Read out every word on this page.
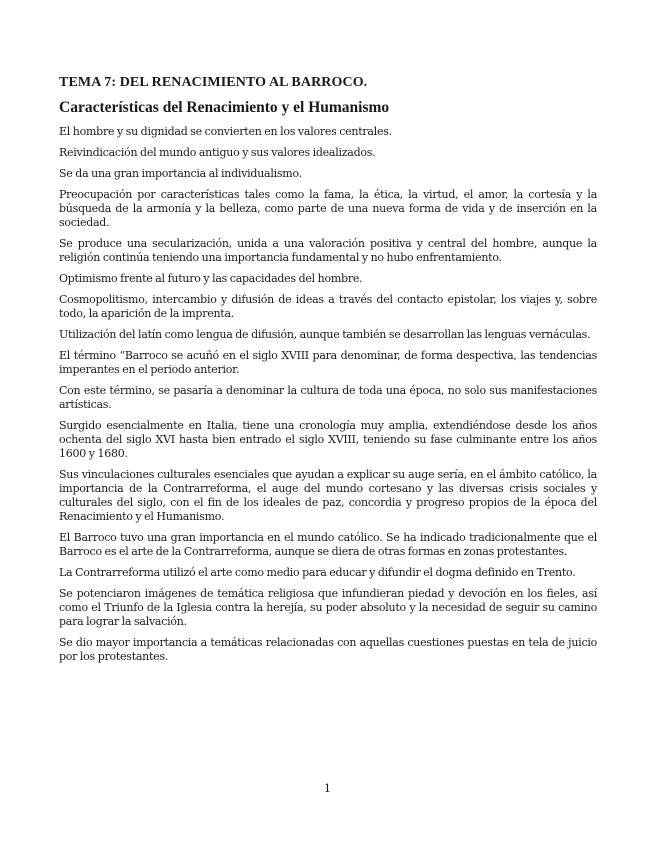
TEMA 7: DEL RENACIMIENTO AL BARROCO.
Características del Renacimiento y el Humanismo

El hombre y su dignidad se convierten en los valores centrales.

Reivindicación del mundo antiguo y sus valores idealizados.

Se da una gran importancia al individualismo.

Preocupación por características tales como la fama, la ética, la virtud, el amor, la cortesía y la búsqueda de la armonía y la belleza, como parte de una nueva forma de vida y de inserción en la sociedad.

Se produce una secularización, unida a una valoración positiva y central del hombre, aunque la religión continúa teniendo una importancia fundamental y no hubo enfrentamiento.

Optimismo frente al futuro y las capacidades del hombre.

Cosmopolitismo, intercambio y difusión de ideas a través del contacto epistolar, los viajes y, sobre todo, la aparición de la imprenta.

Utilización del latín como lengua de difusión, aunque también se desarrollan las lenguas vernáculas.

El término “Barroco se acuñó en el siglo XVIII para denominar, de forma despectiva, las tendencias imperantes en el periodo anterior.

Con este término, se pasaría a denominar la cultura de toda una época, no solo sus manifestaciones artísticas.

Surgido esencialmente en Italia, tiene una cronología muy amplia, extendiéndose desde los años ochenta del siglo XVI hasta bien entrado el siglo XVIII, teniendo su fase culminante entre los años 1600 y 1680.

Sus vinculaciones culturales esenciales que ayudan a explicar su auge sería, en el ámbito católico, la importancia de la Contrarreforma, el auge del mundo cortesano y las diversas crisis sociales y culturales del siglo, con el fin de los ideales de paz, concordia y progreso propios de la época del Renacimiento y el Humanismo.

El Barroco tuvo una gran importancia en el mundo católico. Se ha indicado tradicionalmente que el Barroco es el arte de la Contrarreforma, aunque se diera de otras formas en zonas protestantes.

La Contrarreforma utilizó el arte como medio para educar y difundir el dogma definido en Trento.

Se potenciaron imágenes de temática religiosa que infundieran piedad y devoción en los fieles, así como el Triunfo de la Iglesia contra la herejía, su poder absoluto y la necesidad de seguir su camino para lograr la salvación.

Se dio mayor importancia a temáticas relacionadas con aquellas cuestiones puestas en tela de juicio por los protestantes.

1
